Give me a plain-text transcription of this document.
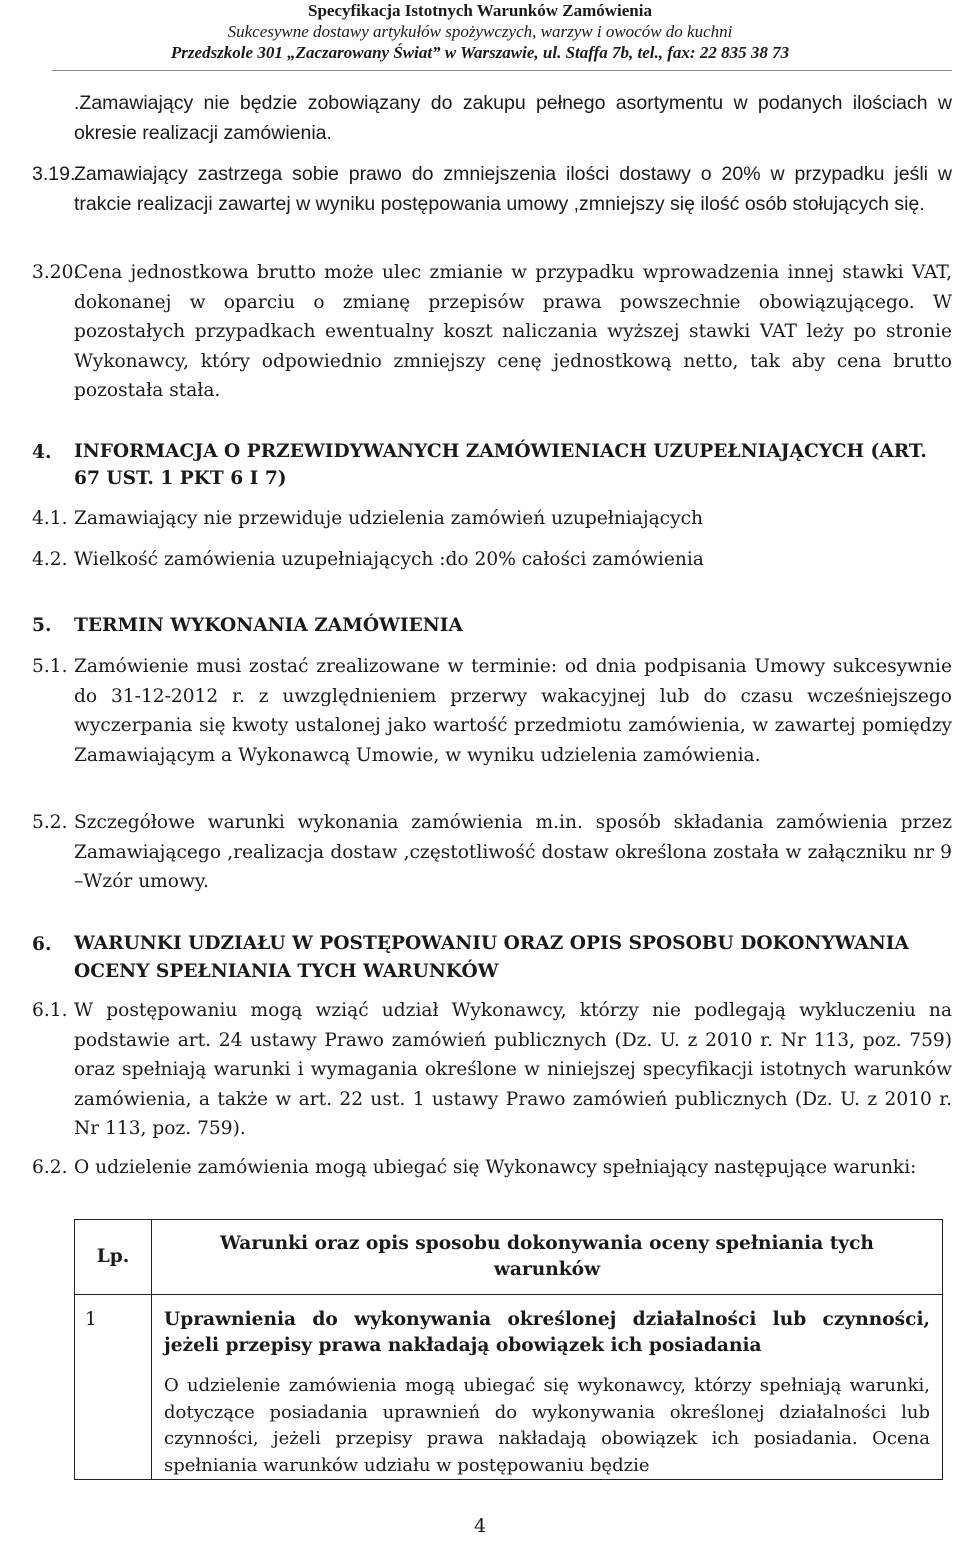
Specyfikacja Istotnych Warunków Zamówienia
Sukcesywne dostawy artykułów spożywczych, warzyw i owoców do kuchni
Przedszkole 301 „Zaczarowany Świat” w Warszawie, ul. Staffa 7b, tel., fax: 22 835 38 73
.Zamawiający nie będzie zobowiązany do zakupu pełnego asortymentu w podanych ilościach w okresie realizacji zamówienia.
3.19.
Zamawiający zastrzega sobie prawo do zmniejszenia ilości dostawy o 20% w przypadku jeśli w trakcie realizacji zawartej w wyniku postępowania umowy ,zmniejszy się ilość osób stołujących się.
3.20.
Cena jednostkowa brutto może ulec zmianie w przypadku wprowadzenia innej stawki VAT, dokonanej w oparciu o zmianę przepisów prawa powszechnie obowiązującego. W pozostałych przypadkach ewentualny koszt naliczania wyższej stawki VAT leży po stronie Wykonawcy, który odpowiednio zmniejszy cenę jednostkową netto, tak aby cena brutto pozostała stała.
4. INFORMACJA O PRZEWIDYWANYCH ZAMÓWIENIACH UZUPEŁNIAJĄCYCH (ART. 67 UST. 1 PKT 6 I 7)
4.1. Zamawiający nie przewiduje udzielenia zamówień uzupełniających
4.2. Wielkość zamówienia uzupełniających :do 20% całości zamówienia
5. TERMIN WYKONANIA ZAMÓWIENIA
5.1. Zamówienie musi zostać zrealizowane w terminie: od dnia podpisania Umowy sukcesywnie do 31-12-2012 r. z uwzględnieniem przerwy wakacyjnej lub do czasu wcześniejszego wyczerpania się kwoty ustalonej jako wartość przedmiotu zamówienia, w zawartej pomiędzy Zamawiającym a Wykonawcą Umowie, w wyniku udzielenia zamówienia.
5.2. Szczegółowe warunki wykonania zamówienia m.in. sposób składania zamówienia przez Zamawiającego ,realizacja dostaw ,częstotliwość dostaw określona została w załączniku nr 9 –Wzór umowy.
6. WARUNKI UDZIAŁU W POSTĘPOWANIU ORAZ OPIS SPOSOBU DOKONYWANIA OCENY SPEŁNIANIA TYCH WARUNKÓW
6.1. W postępowaniu mogą wziąć udział Wykonawcy, którzy nie podlegają wykluczeniu na podstawie art. 24 ustawy Prawo zamówień publicznych (Dz. U. z 2010 r. Nr 113, poz. 759) oraz spełniają warunki i wymagania określone w niniejszej specyfikacji istotnych warunków zamówienia, a także w art. 22 ust. 1 ustawy Prawo zamówień publicznych (Dz. U. z 2010 r. Nr 113, poz. 759).
6.2. O udzielenie zamówienia mogą ubiegać się Wykonawcy spełniający następujące warunki:
Lp.	Warunki oraz opis sposobu dokonywania oceny spełniania tych warunków
1	Uprawnienia do wykonywania określonej działalności lub czynności, jeżeli przepisy prawa nakładają obowiązek ich posiadania
O udzielenie zamówienia mogą ubiegać się wykonawcy, którzy spełniają warunki, dotyczące posiadania uprawnień do wykonywania określonej działalności lub czynności, jeżeli przepisy prawa nakładają obowiązek ich posiadania. Ocena spełniania warunków udziału w postępowaniu będzie
4
